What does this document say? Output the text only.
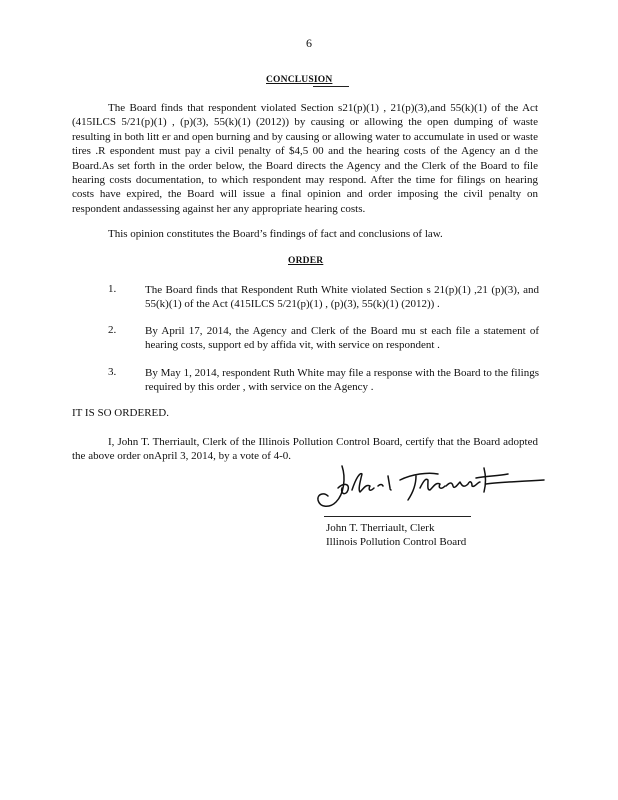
6
CONCLUSION
The Board finds that respondent violated Section s21(p)(1) , 21(p)(3),and 55(k)(1) of the Act (415ILCS 5/21(p)(1) , (p)(3), 55(k)(1) (2012)) by causing or allowing the open dumping of waste resulting in both litt er and open burning and by causing or allowing water to accumulate in used or waste tires .R espondent must pay a civil penalty of $4,5 00 and the hearing costs of the Agency an d the Board.As set forth in the order below, the Board directs the Agency and the Clerk of the Board to file hearing costs documentation, to which respondent may respond. After the time for filings on hearing costs have expired, the Board will issue a final opinion and order imposing the civil penalty on respondent andassessing against her any appropriate hearing costs.
This opinion constitutes the Board’s findings of fact and conclusions of law.
ORDER
1.	The Board finds that Respondent Ruth White violated Section s 21(p)(1) ,21 (p)(3), and 55(k)(1) of the Act (415ILCS 5/21(p)(1) , (p)(3), 55(k)(1) (2012)) .
2.	By April 17, 2014, the Agency and Clerk of the Board mu st each file a statement of hearing costs, support ed by affida vit, with service on respondent .
3.	By May 1, 2014, respondent Ruth White may file a response with the Board to the filings required by this order , with service on the Agency .
IT IS SO ORDERED.
I, John T. Therriault, Clerk of the Illinois Pollution Control Board, certify that the Board adopted the above order onApril 3, 2014, by a vote of 4-0.
John T. Therriault, Clerk
Illinois Pollution Control Board
